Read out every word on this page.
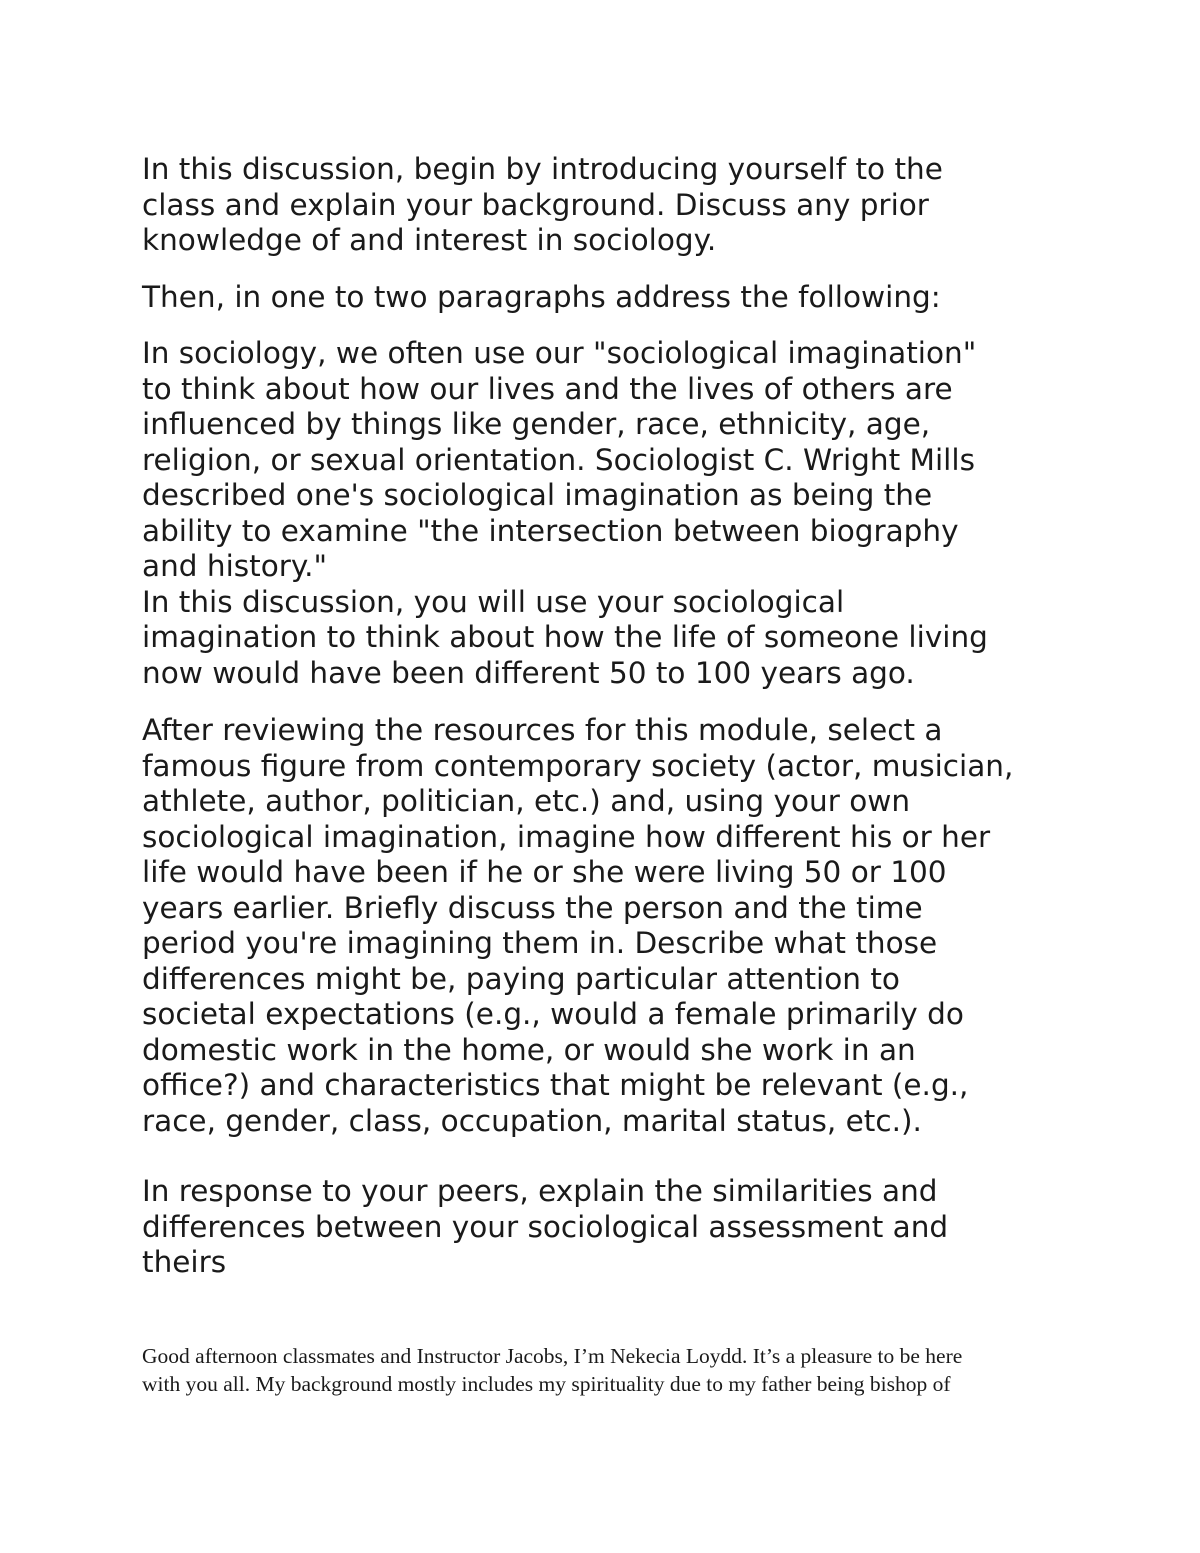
In this discussion, begin by introducing yourself to the
class and explain your background. Discuss any prior
knowledge of and interest in sociology.

Then, in one to two paragraphs address the following:

In sociology, we often use our "sociological imagination"
to think about how our lives and the lives of others are
influenced by things like gender, race, ethnicity, age,
religion, or sexual orientation. Sociologist C. Wright Mills
described one's sociological imagination as being the
ability to examine "the intersection between biography
and history."
In this discussion, you will use your sociological
imagination to think about how the life of someone living
now would have been different 50 to 100 years ago.

After reviewing the resources for this module, select a
famous figure from contemporary society (actor, musician,
athlete, author, politician, etc.) and, using your own
sociological imagination, imagine how different his or her
life would have been if he or she were living 50 or 100
years earlier. Briefly discuss the person and the time
period you're imagining them in. Describe what those
differences might be, paying particular attention to
societal expectations (e.g., would a female primarily do
domestic work in the home, or would she work in an
office?) and characteristics that might be relevant (e.g.,
race, gender, class, occupation, marital status, etc.).

In response to your peers, explain the similarities and
differences between your sociological assessment and
theirs

Good afternoon classmates and Instructor Jacobs, I’m Nekecia Loydd. It’s a pleasure to be here
with you all. My background mostly includes my spirituality due to my father being bishop of
